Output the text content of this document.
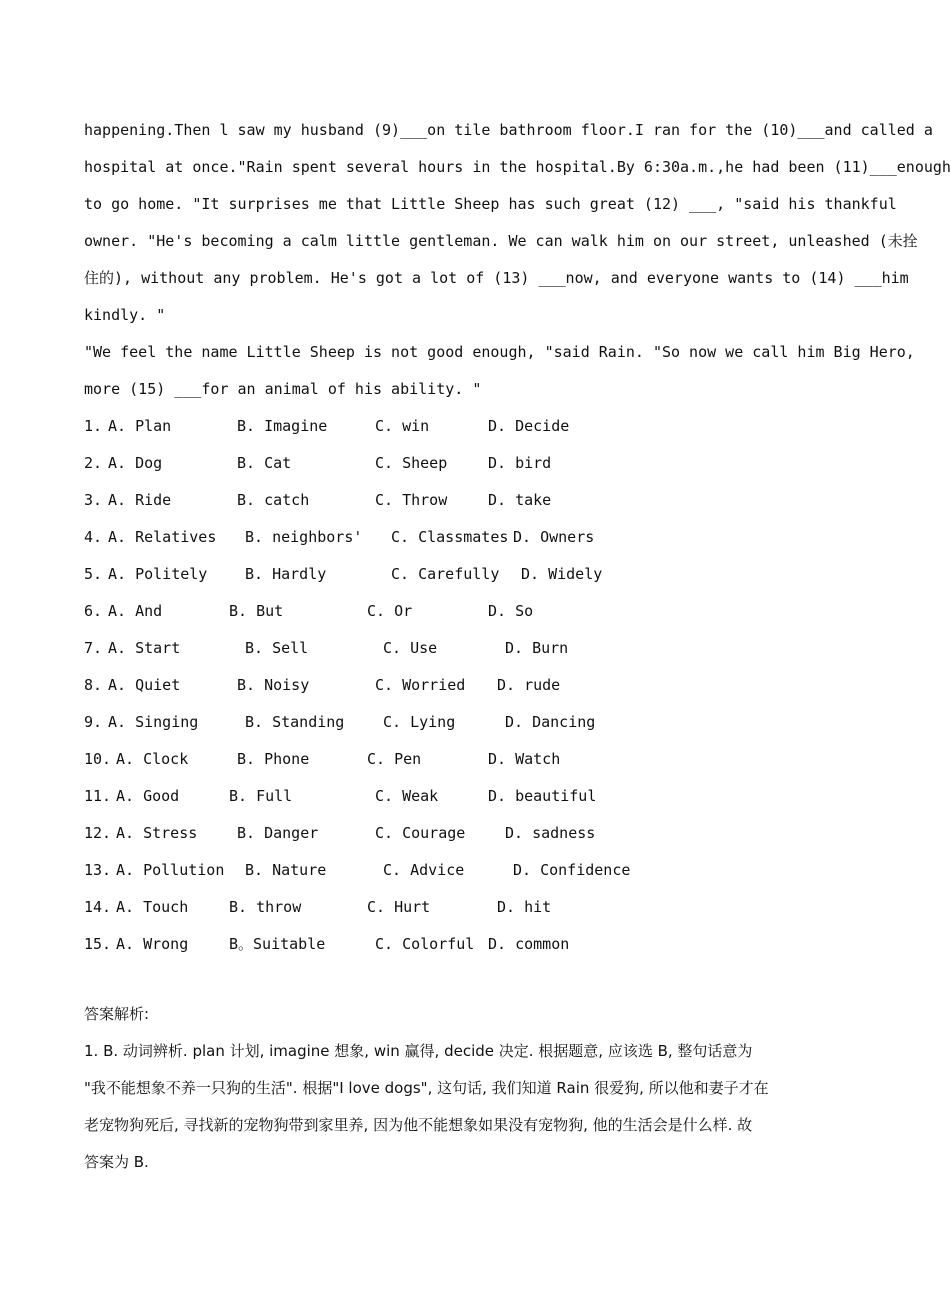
happening.Then l saw my husband (9)___on tile bathroom floor.I ran for the (10)___and called a
hospital at once."Rain spent several hours in the hospital.By 6:30a.m.,he had been (11)___enough
to go home. "It surprises me that Little Sheep has such great (12) ___, "said his thankful
owner. "He's becoming a calm little gentleman. We can walk him on our street, unleashed (未拴
住的), without any problem. He's got a lot of (13) ___now, and everyone wants to (14) ___him
kindly. "
"We feel the name Little Sheep is not good enough, "said Rain. "So now we call him Big Hero,
more (15) ___for an animal of his ability. "
1. A. Plan	B. Imagine	C. win	D. Decide
2. A. Dog	B. Cat	C. Sheep	D. bird
3. A. Ride	B. catch	C. Throw	D. take
4. A. Relatives B. neighbors' C. Classmates D. Owners
5. A. Politely	B. Hardly	C. Carefully D. Widely
6. A. And	B. But	C. Or	D. So
7. A. Start	B. Sell	C. Use	D. Burn
8. A. Quiet	B. Noisy	C. Worried D. rude
9. A. Singing	B. Standing	C. Lying	D. Dancing
10. A. Clock	B. Phone	C. Pen	D. Watch
11. A. Good	B. Full	C. Weak	D. beautiful
12. A. Stress	B. Danger	C. Courage	D. sadness
13. A. Pollution B. Nature	C. Advice	D. Confidence
14. A. Touch	B. throw	C. Hurt	D. hit
15. A. Wrong	B。Suitable	C. Colorful D. common

答案解析:

1. B. 动词辨析. plan 计划, imagine 想象, win 赢得, decide 决定. 根据题意, 应该选 B, 整句话意为

"我不能想象不养一只狗的生活". 根据"I love dogs", 这句话, 我们知道 Rain 很爱狗, 所以他和妻子才在

老宠物狗死后, 寻找新的宠物狗带到家里养, 因为他不能想象如果没有宠物狗, 他的生活会是什么样. 故

答案为 B.
